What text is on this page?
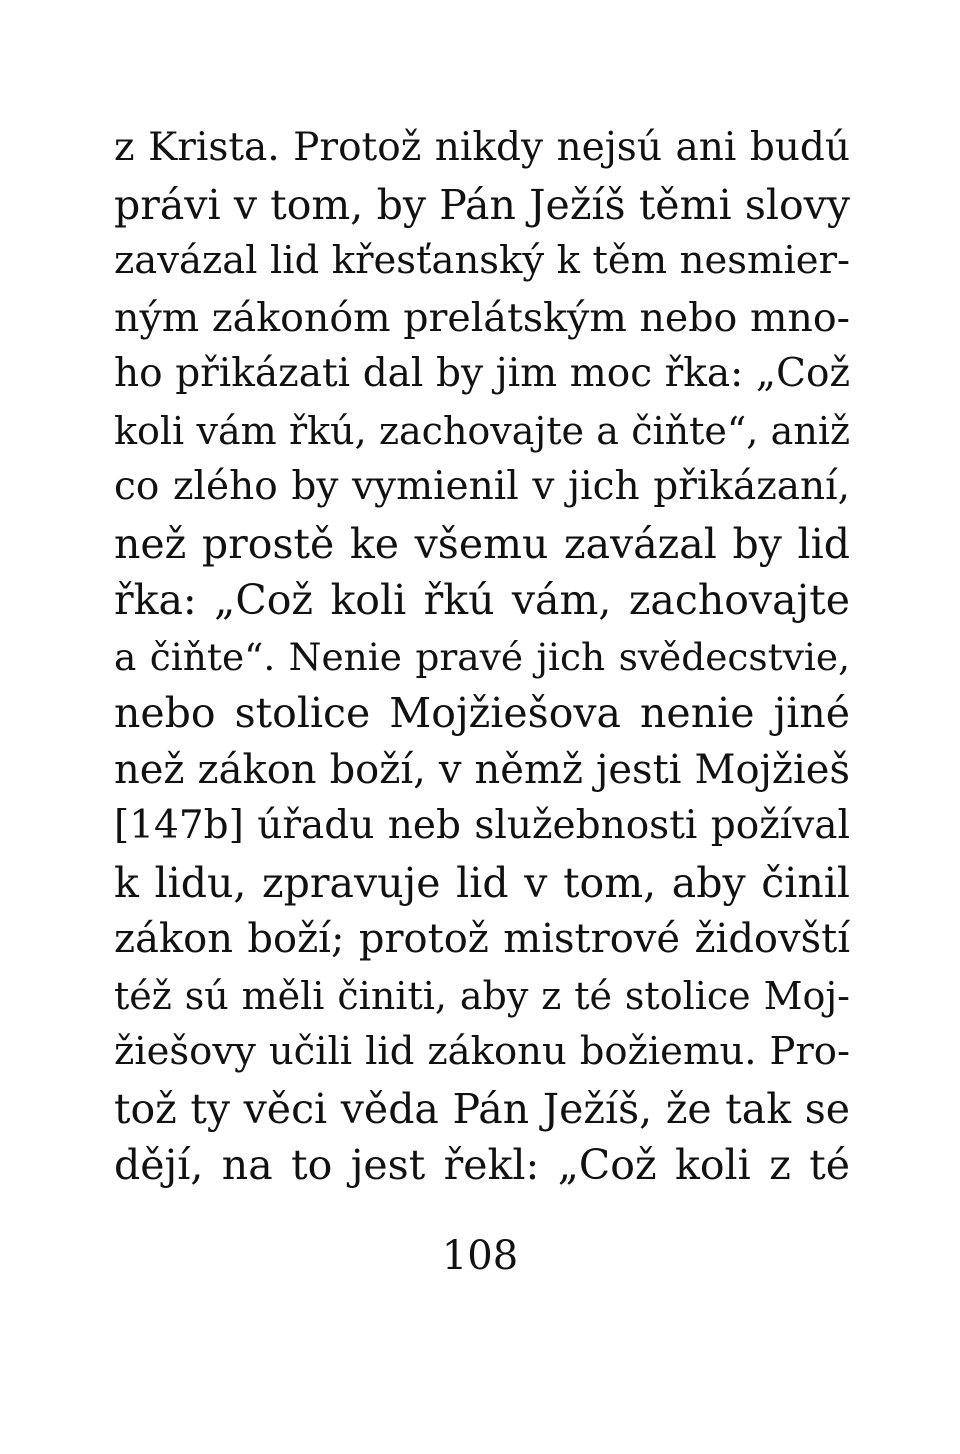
z Krista. Protož nikdy nejsú ani budú
právi v tom, by Pán Ježíš těmi slovy
zavázal lid křesťanský k těm nesmier-
ným zákonóm prelátským nebo mno-
ho přikázati dal by jim moc řka: „Což
koli vám řkú, zachovajte a čiňte“, aniž
co zlého by vymienil v jich přikázaní,
než prostě ke všemu zavázal by lid
řka: „Což koli řkú vám, zachovajte
a čiňte“. Nenie pravé jich svědecstvie,
nebo stolice Mojžiešova nenie jiné
než zákon boží, v němž jesti Mojžieš
[147b] úřadu neb služebnosti požíval
k lidu, zpravuje lid v tom, aby činil
zákon boží; protož mistrové židovští
též sú měli činiti, aby z té stolice Moj-
žiešovy učili lid zákonu božiemu. Pro-
tož ty věci věda Pán Ježíš, že tak se
dějí, na to jest řekl: „Což koli z té
108
